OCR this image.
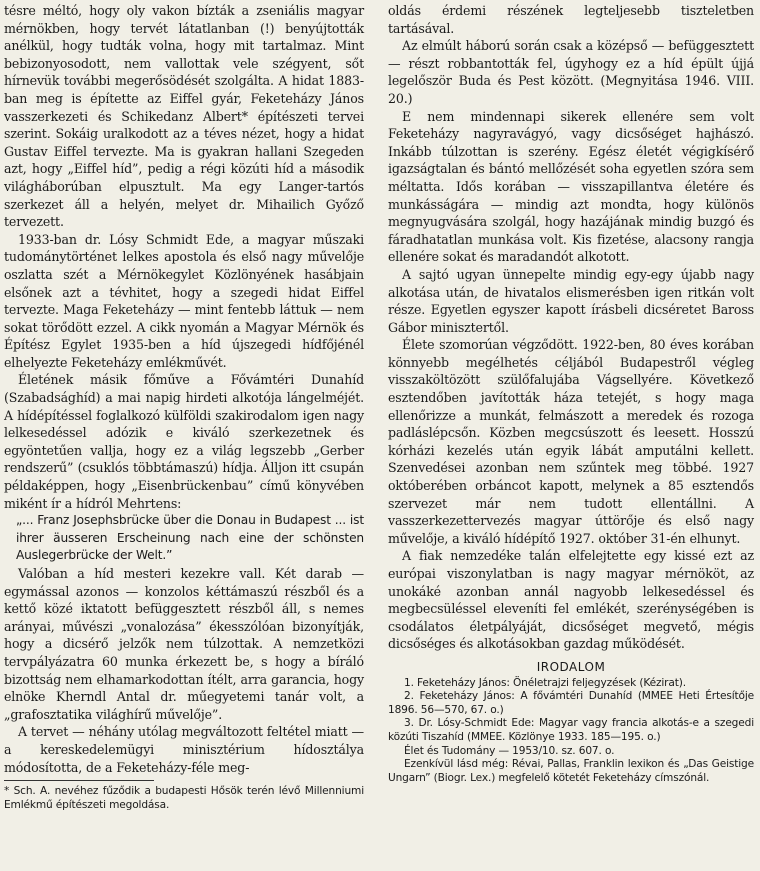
tésre méltó, hogy oly vakon bízták a zseniális magyar mérnökben, hogy tervét látatlanban (!) benyújtották anélkül, hogy tudták volna, hogy mit tartalmaz. Mint bebizonyosodott, nem vallottak vele szégyent, sőt hírnevük további megerősödését szolgálta. A hidat 1883-ban meg is építette az Eiffel gyár, Feketeházy János vasszerkezeti és Schikedanz Albert* építészeti tervei szerint. Sokáig uralkodott az a téves nézet, hogy a hidat Gustav Eiffel tervezte. Ma is gyakran hallani Szegeden azt, hogy „Eiffel híd”, pedig a régi közúti híd a második világháborúban elpusztult. Ma egy Langer-tartós szerkezet áll a helyén, melyet dr. Mihailich Győző tervezett.

1933-ban dr. Lósy Schmidt Ede, a magyar műszaki tudománytörténet lelkes apostola és első nagy művelője oszlatta szét a Mérnökegylet Közlönyének hasábjain elsőnek azt a tévhitet, hogy a szegedi hidat Eiffel tervezte. Maga Feketeházy — mint fentebb láttuk — nem sokat törődött ezzel. A cikk nyomán a Magyar Mérnök és Építész Egylet 1935-ben a híd újszegedi hídfőjénél elhelyezte Feketeházy emlékművét.

Életének másik főműve a Fővámtéri Dunahíd (Szabadsághíd) a mai napig hirdeti alkotója lángelméjét. A hídépítéssel foglalkozó külföldi szakirodalom igen nagy lelkesedéssel adózik e kiváló szerkezetnek és egyöntetűen vallja, hogy ez a világ legszebb „Gerber rendszerű” (csuklós többtámaszú) hídja. Álljon itt csupán példaképpen, hogy „Eisenbrückenbau” című könyvében miként ír a hídról Mehrtens:

„... Franz Josephsbrücke über die Donau in Budapest ... ist ihrer äusseren Erscheinung nach eine der schönsten Auslegerbrücke der Welt.”

Valóban a híd mesteri kezekre vall. Két darab — egymással azonos — konzolos kéttámaszú részből és a kettő közé iktatott befüggesztett részből áll, s nemes arányai, művészi „vonalozása” ékesszólóan bizonyítják, hogy a dicsérő jelzők nem túlzottak. A nemzetközi tervpályázatra 60 munka érkezett be, s hogy a bíráló bizottság nem elhamarkodottan ítélt, arra garancia, hogy elnöke Kherndl Antal dr. műegyetemi tanár volt, a „grafosztatika világhírű művelője”.

A tervet — néhány utólag megváltozott feltétel miatt — a kereskedelemügyi minisztérium hídosztálya módosította, de a Feketeházy-féle meg-

* Sch. A. nevéhez fűződik a budapesti Hősök terén lévő Millenniumi Emlékmű építészeti megoldása.

oldás érdemi részének legteljesebb tiszteletben tartásával.

Az elmúlt háború során csak a középső — befüggesztett — részt robbantották fel, úgyhogy ez a híd épült újjá legelőször Buda és Pest között. (Megnyitása 1946. VIII. 20.)

E nem mindennapi sikerek ellenére sem volt Feketeházy nagyravágyó, vagy dicsőséget hajhászó. Inkább túlzottan is szerény. Egész életét végigkísérő igazságtalan és bántó mellőzését soha egyetlen szóra sem méltatta. Idős korában — visszapillantva életére és munkásságára — mindig azt mondta, hogy különös megnyugvására szolgál, hogy hazájának mindig buzgó és fáradhatatlan munkása volt. Kis fizetése, alacsony rangja ellenére sokat és maradandót alkotott.

A sajtó ugyan ünnepelte mindig egy-egy újabb nagy alkotása után, de hivatalos elismerésben igen ritkán volt része. Egyetlen egyszer kapott írásbeli dicséretet Baross Gábor minisztertől.

Élete szomorúan végződött. 1922-ben, 80 éves korában könnyebb megélhetés céljából Budapestről végleg visszaköltözött szülőfalujába Vágsellyére. Következő esztendőben javították háza tetejét, s hogy maga ellenőrizze a munkát, felmászott a meredek és rozoga padláslépcsőn. Közben megcsúszott és leesett. Hosszú kórházi kezelés után egyik lábát amputálni kellett. Szenvedései azonban nem szűntek meg többé. 1927 októberében orbáncot kapott, melynek a 85 esztendős szervezet már nem tudott ellentállni. A vasszerkezettervezés magyar úttörője és első nagy művelője, a kiváló hídépítő 1927. október 31-én elhunyt.

A fiak nemzedéke talán elfelejtette egy kissé ezt az európai viszonylatban is nagy magyar mérnököt, az unokáké azonban annál nagyobb lelkesedéssel és megbecsüléssel eleveníti fel emlékét, szerénységében is csodálatos életpályáját, dicsőséget megvető, mégis dicsőséges és alkotásokban gazdag működését.

IRODALOM

1. Feketeházy János: Önéletrajzi feljegyzések (Kézirat).

2. Feketeházy János: A fővámtéri Dunahíd (MMEE Heti Értesítője 1896. 56—570, 67. o.)

3. Dr. Lósy-Schmidt Ede: Magyar vagy francia alkotás-e a szegedi közúti Tiszahíd (MMEE. Közlönye 1933. 185—195. o.)

Élet és Tudomány — 1953/10. sz. 607. o.

Ezenkívül lásd még: Révai, Pallas, Franklin lexikon és „Das Geistige Ungarn” (Biogr. Lex.) megfelelő kötetét Feketeházy címszónál.
